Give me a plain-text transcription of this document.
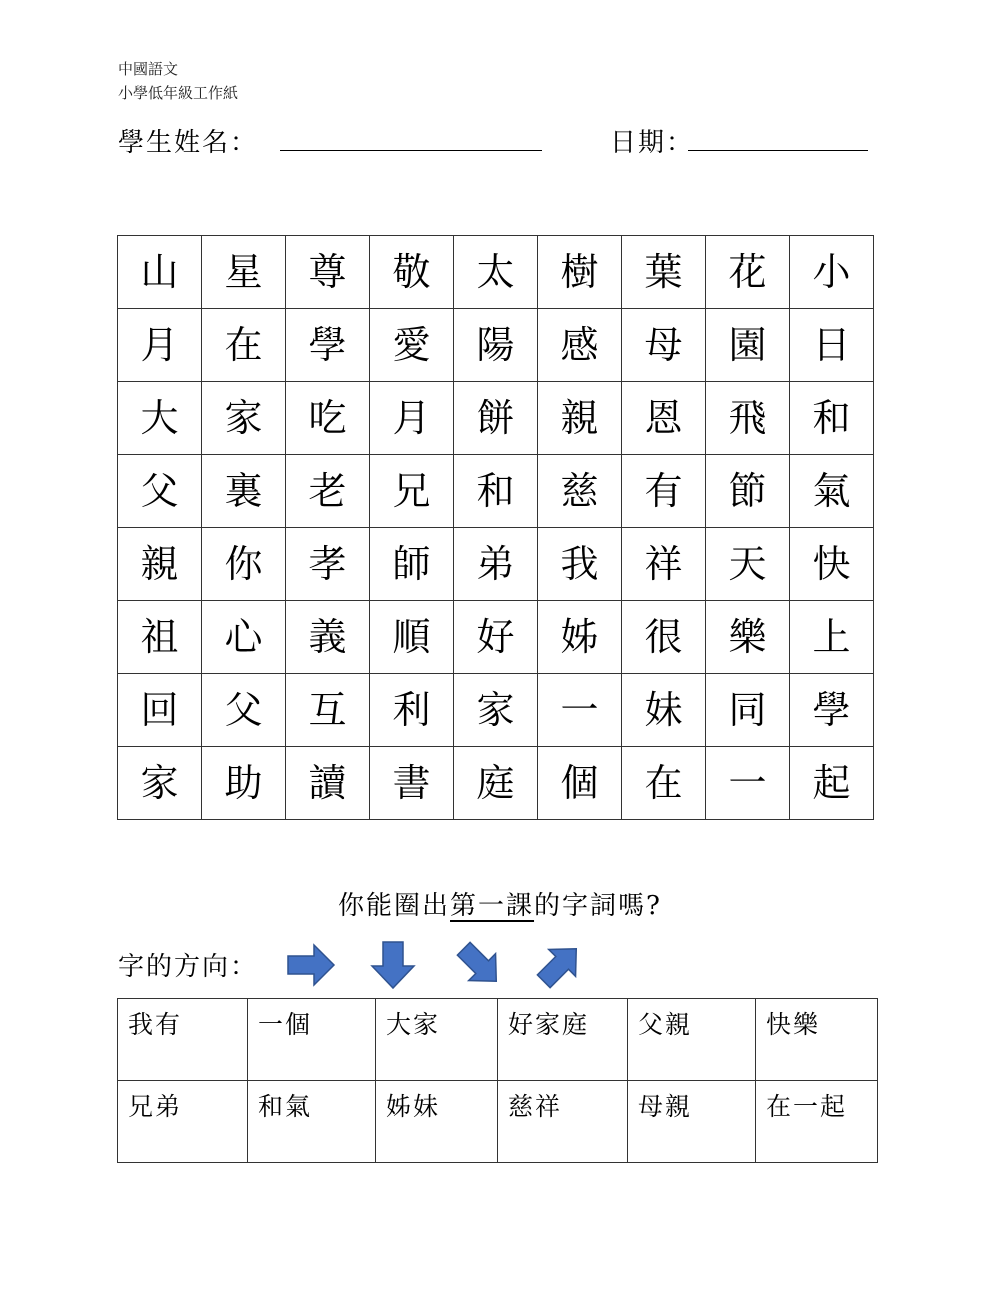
中國語文
小學低年級工作紙
學生姓名：	日期：
山	星	尊	敬	太	樹	葉	花	小
月	在	學	愛	陽	感	母	園	日
大	家	吃	月	餅	親	恩	飛	和
父	裏	老	兄	和	慈	有	節	氣
親	你	孝	師	弟	我	祥	天	快
祖	心	義	順	好	姊	很	樂	上
回	父	互	利	家	一	妹	同	學
家	助	讀	書	庭	個	在	一	起
你能圈出第一課的字詞嗎?
字的方向：
我有	一個	大家	好家庭	父親	快樂
兄弟	和氣	姊妹	慈祥	母親	在一起
